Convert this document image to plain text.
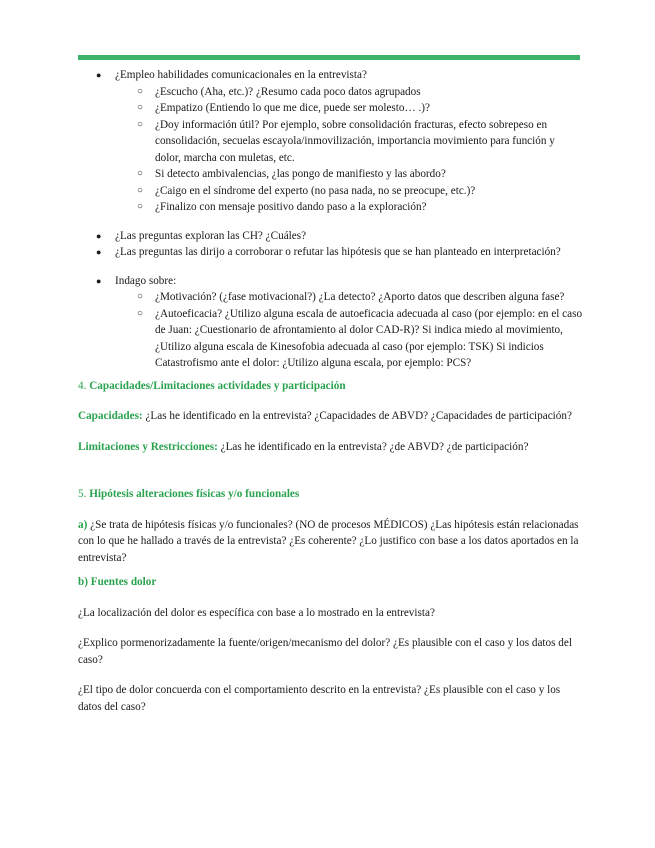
● ¿Empleo habilidades comunicacionales en la entrevista?
○ ¿Escucho (Aha, etc.)? ¿Resumo cada poco datos agrupados
○ ¿Empatizo (Entiendo lo que me dice, puede ser molesto… .)?
○ ¿Doy información útil? Por ejemplo, sobre consolidación fracturas, efecto sobrepeso en consolidación, secuelas escayola/inmovilización, importancia movimiento para función y dolor, marcha con muletas, etc.
○ Si detecto ambivalencias, ¿las pongo de manifiesto y las abordo?
○ ¿Caigo en el síndrome del experto (no pasa nada, no se preocupe, etc.)?
○ ¿Finalizo con mensaje positivo dando paso a la exploración?
● ¿Las preguntas exploran las CH? ¿Cuáles?
● ¿Las preguntas las dirijo a corroborar o refutar las hipótesis que se han planteado en interpretación?
● Indago sobre:
○ ¿Motivación? (¿fase motivacional?) ¿La detecto? ¿Aporto datos que describen alguna fase?
○ ¿Autoeficacia? ¿Utilizo alguna escala de autoeficacia adecuada al caso (por ejemplo: en el caso de Juan: ¿Cuestionario de afrontamiento al dolor CAD-R)? Si indica miedo al movimiento, ¿Utilizo alguna escala de Kinesofobia adecuada al caso (por ejemplo: TSK) Si indicios Catastrofismo ante el dolor: ¿Utilizo alguna escala, por ejemplo: PCS?

4. Capacidades/Limitaciones actividades y participación

Capacidades: ¿Las he identificado en la entrevista? ¿Capacidades de ABVD? ¿Capacidades de participación?

Limitaciones y Restricciones: ¿Las he identificado en la entrevista? ¿de ABVD? ¿de participación?

5. Hipótesis alteraciones físicas y/o funcionales

a) ¿Se trata de hipótesis físicas y/o funcionales? (NO de procesos MÉDICOS) ¿Las hipótesis están relacionadas con lo que he hallado a través de la entrevista? ¿Es coherente? ¿Lo justifico con base a los datos aportados en la entrevista?

b) Fuentes dolor

¿La localización del dolor es específica con base a lo mostrado en la entrevista?

¿Explico pormenorizadamente la fuente/origen/mecanismo del dolor? ¿Es plausible con el caso y los datos del caso?

¿El tipo de dolor concuerda con el comportamiento descrito en la entrevista? ¿Es plausible con el caso y los datos del caso?
